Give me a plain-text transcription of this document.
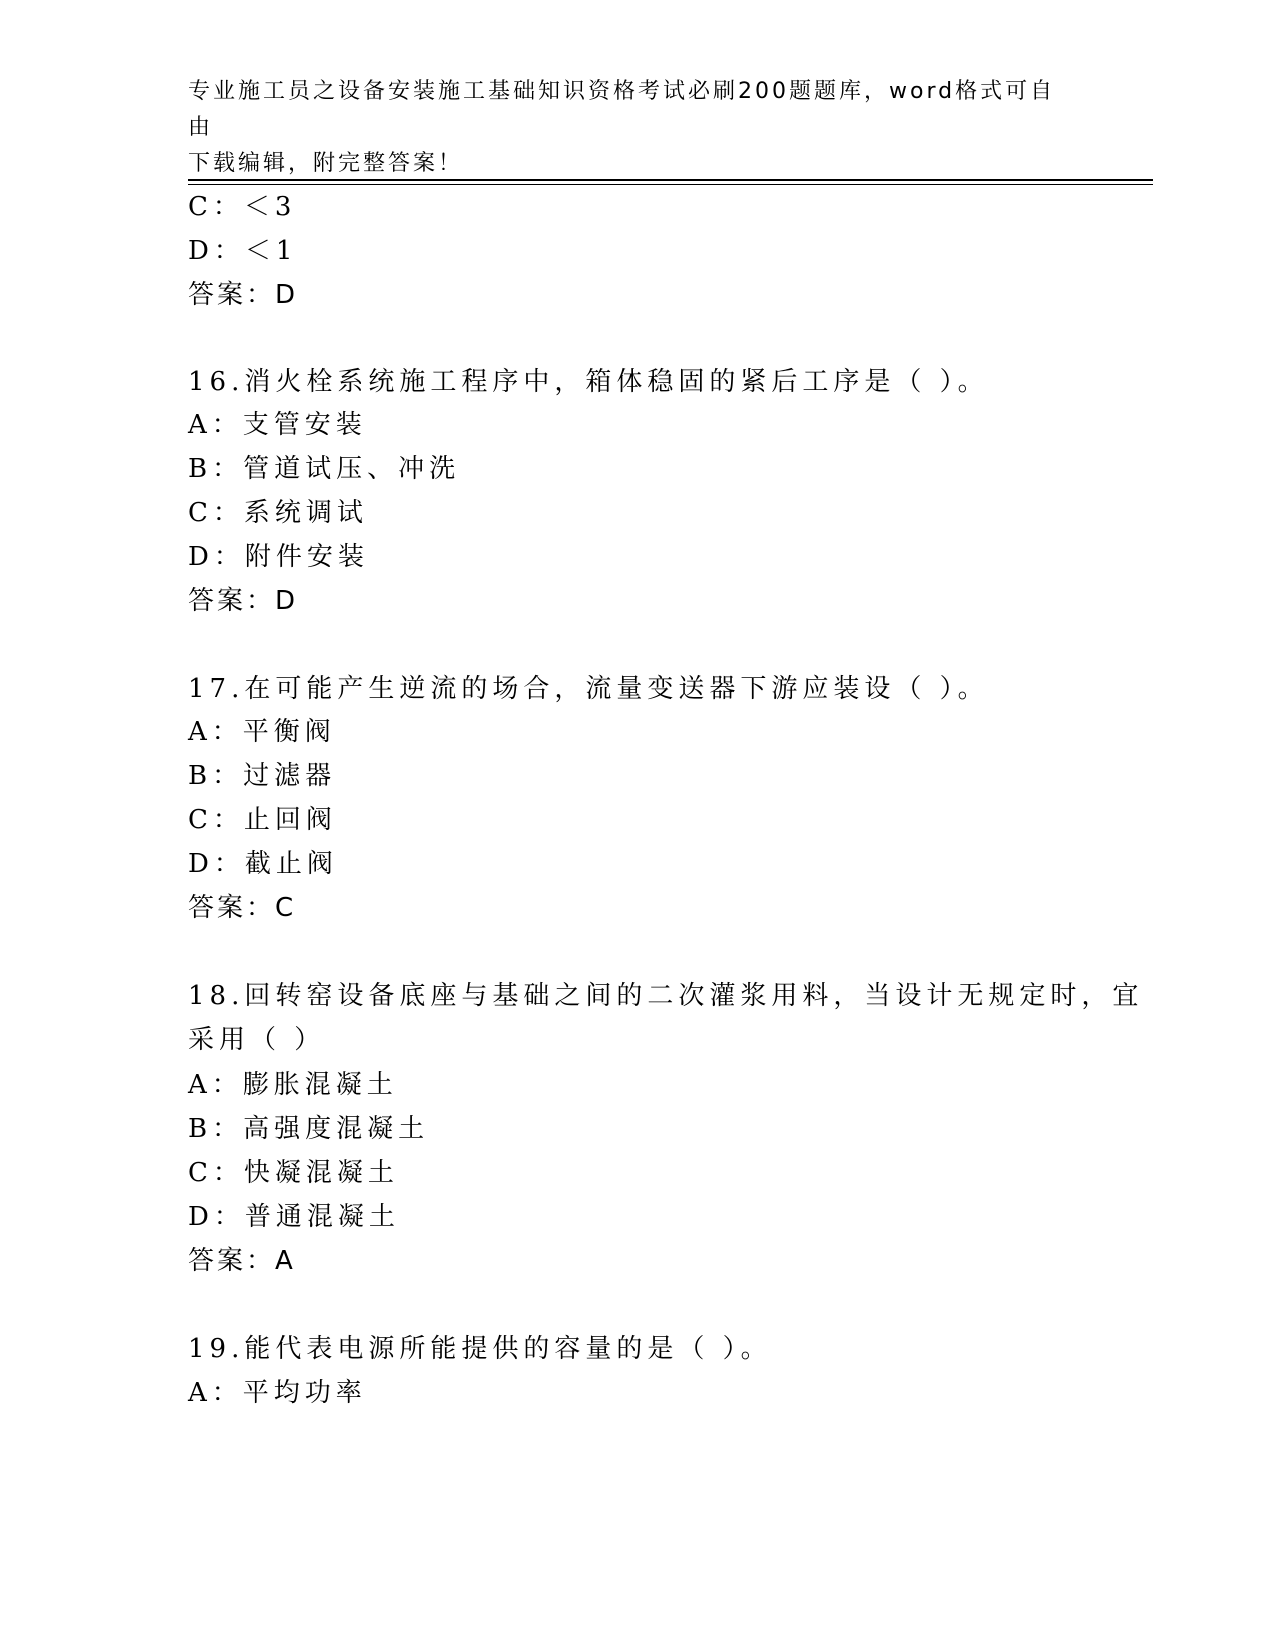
专业施工员之设备安装施工基础知识资格考试必刷200题题库，word格式可自由
下载编辑，附完整答案！
C：＜3
D：＜1
答案：D
16.消火栓系统施工程序中，箱体稳固的紧后工序是（ ）。
A：支管安装
B：管道试压、冲洗
C：系统调试
D：附件安装
答案：D
17.在可能产生逆流的场合，流量变送器下游应装设（ ）。
A：平衡阀
B：过滤器
C：止回阀
D：截止阀
答案：C
18.回转窑设备底座与基础之间的二次灌浆用料，当设计无规定时，宜
采用（ ）
A：膨胀混凝土
B：高强度混凝土
C：快凝混凝土
D：普通混凝土
答案：A
19.能代表电源所能提供的容量的是（ ）。
A：平均功率
